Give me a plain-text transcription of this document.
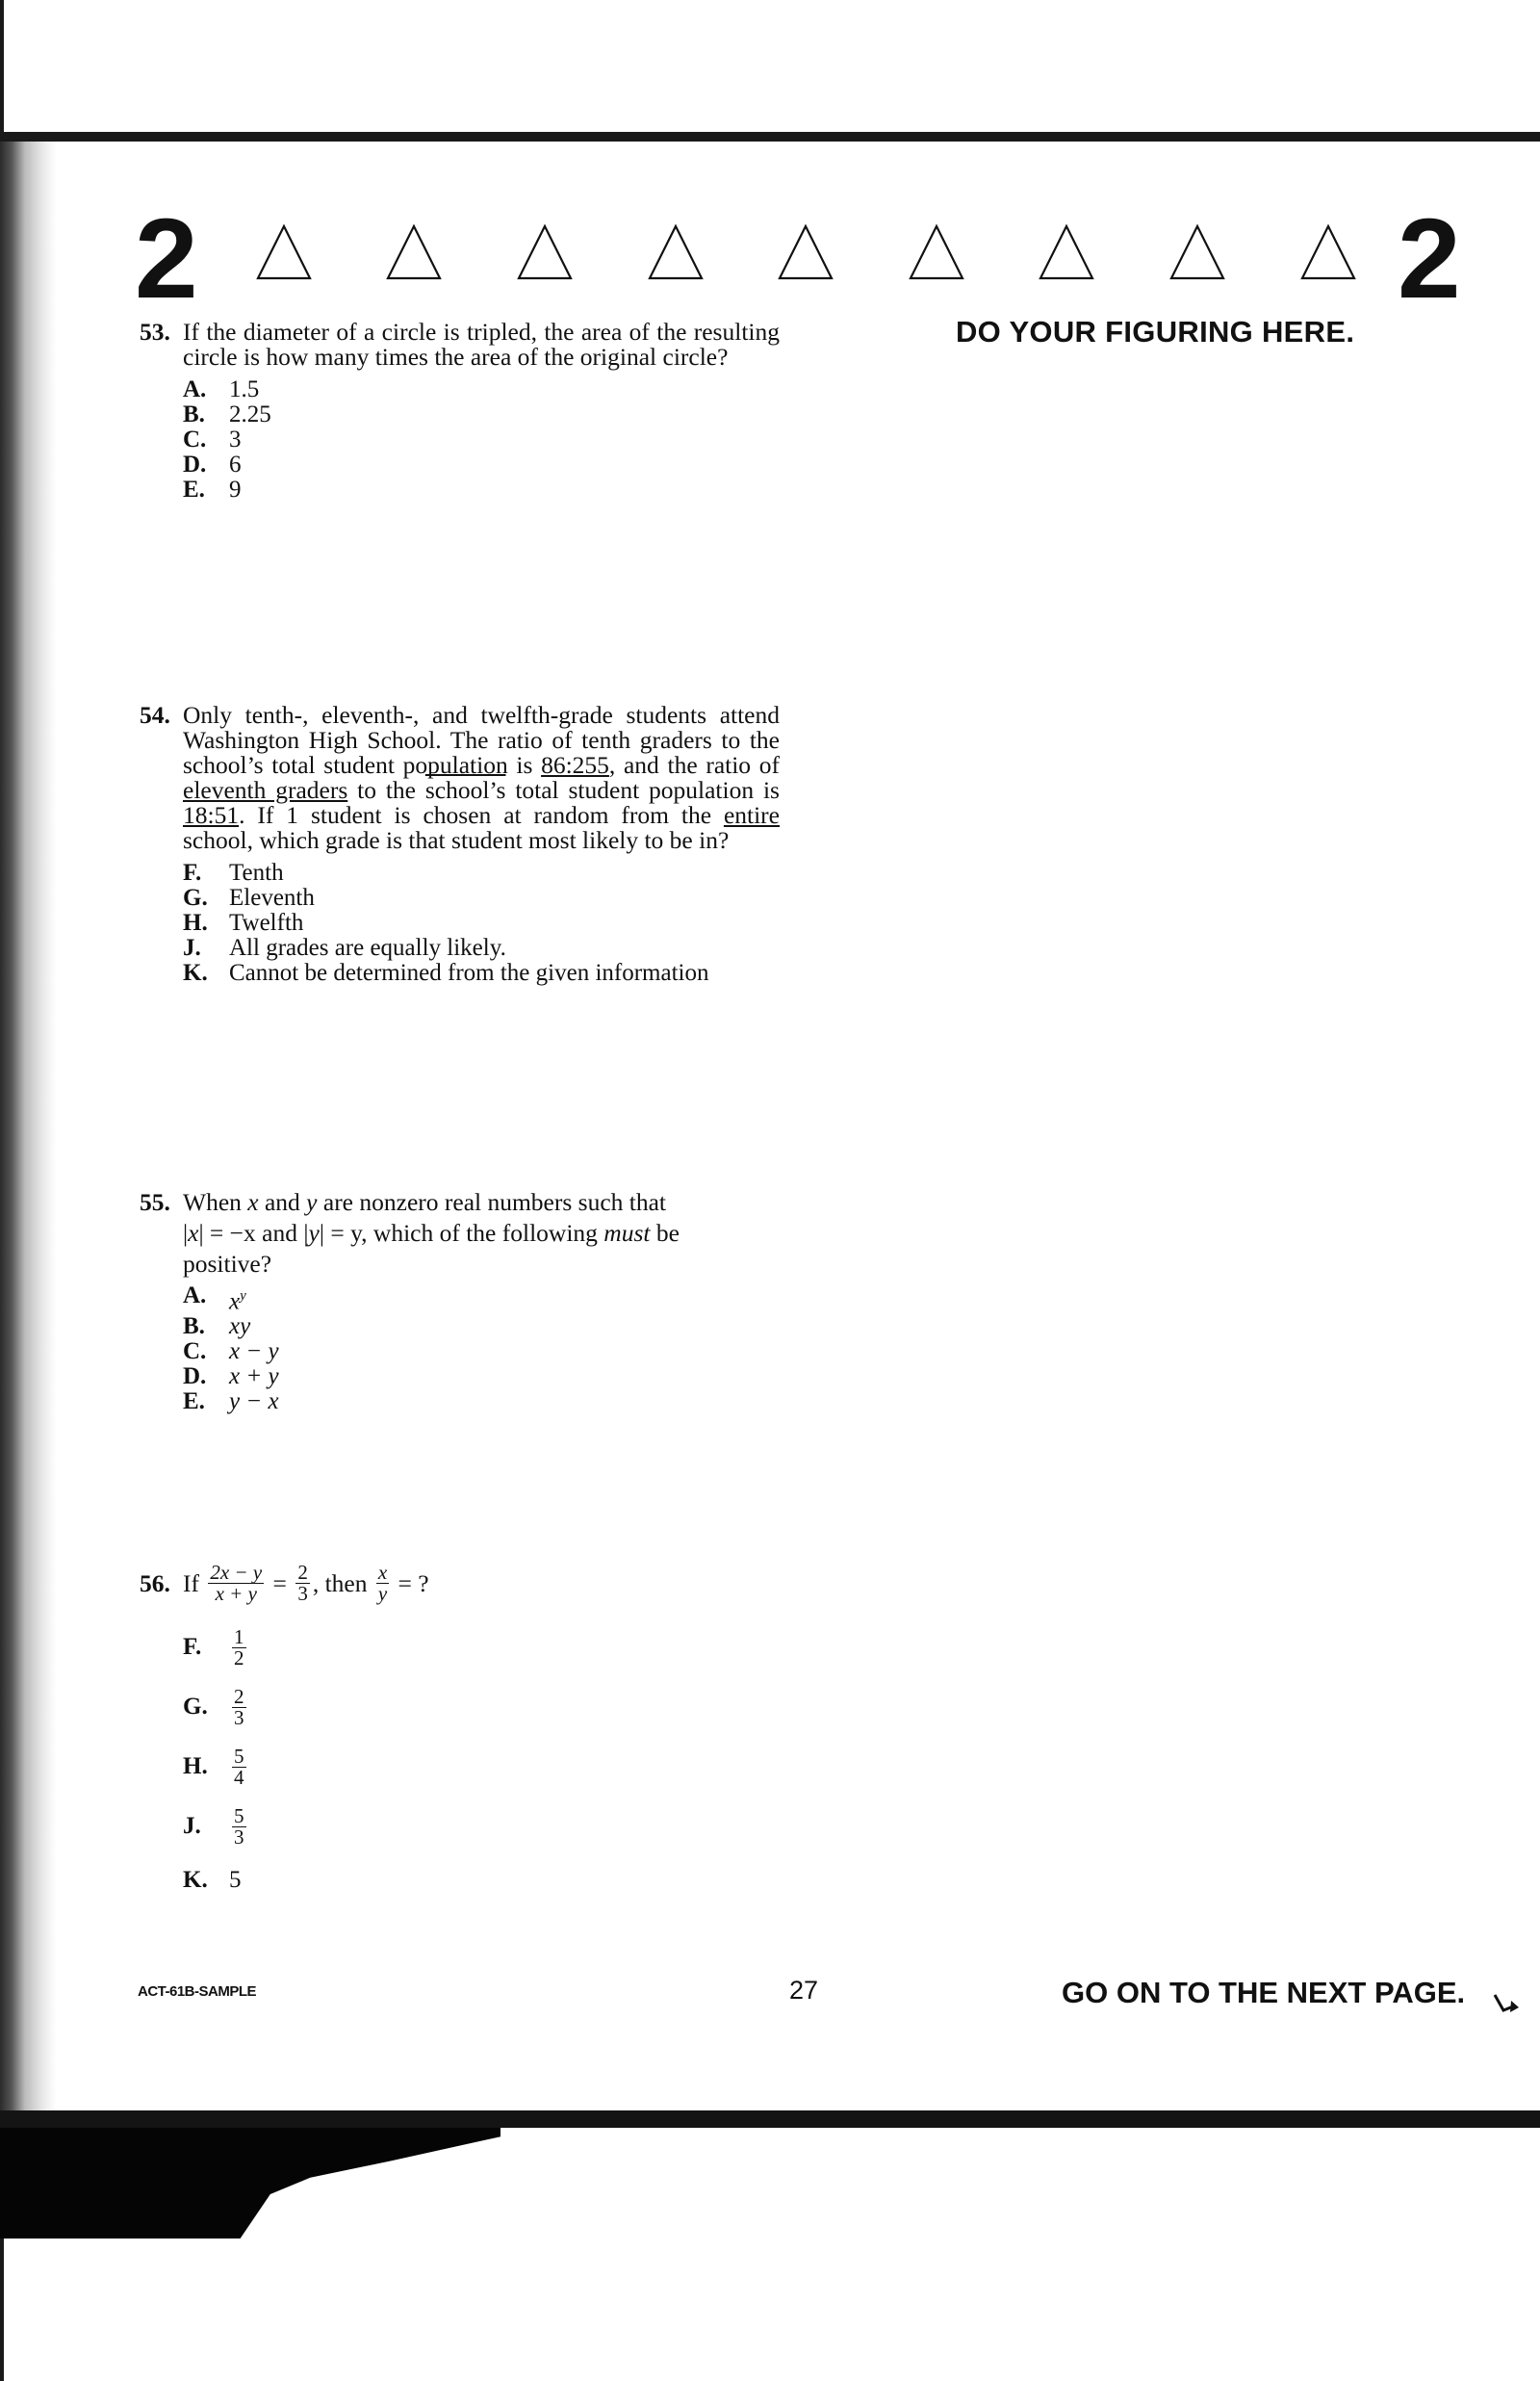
2	2
DO YOUR FIGURING HERE.
53. If the diameter of a circle is tripled, the area of the resulting circle is how many times the area of the original circle?
A. 1.5
B.	2.25
C. 3
D. 6
E.	9
54. Only tenth-, eleventh-, and twelfth-grade students attend Washington High School. The ratio of tenth graders to the school’s total student population is 86:255, and the ratio of eleventh graders to the school’s total student population is 18:51. If 1 student is chosen at random from the entire school, which grade is that student most likely to be in?
F.	Tenth
G. Eleventh
H. Twelfth
J.	All grades are equally likely.
K. Cannot be determined from the given information
55. When x and y are nonzero real numbers such that
|x| = −x and |y| = y, which of the following must be
positive?
A. $x^y$
B.	xy
C. x − y
D. x + y
E.	y − x
56. If
$\frac{2x - y}{x + y}$
=
$\frac{2}{3}$ , then
$\frac{x}{y}$
= ?
F.	$\frac{1}{2}$
G.	$\frac{2}{3}$
H.	$\frac{5}{4}$
J.	$\frac{5}{3}$
K. 5
ACT-61B-SAMPLE	27	GO ON TO THE NEXT PAGE.
